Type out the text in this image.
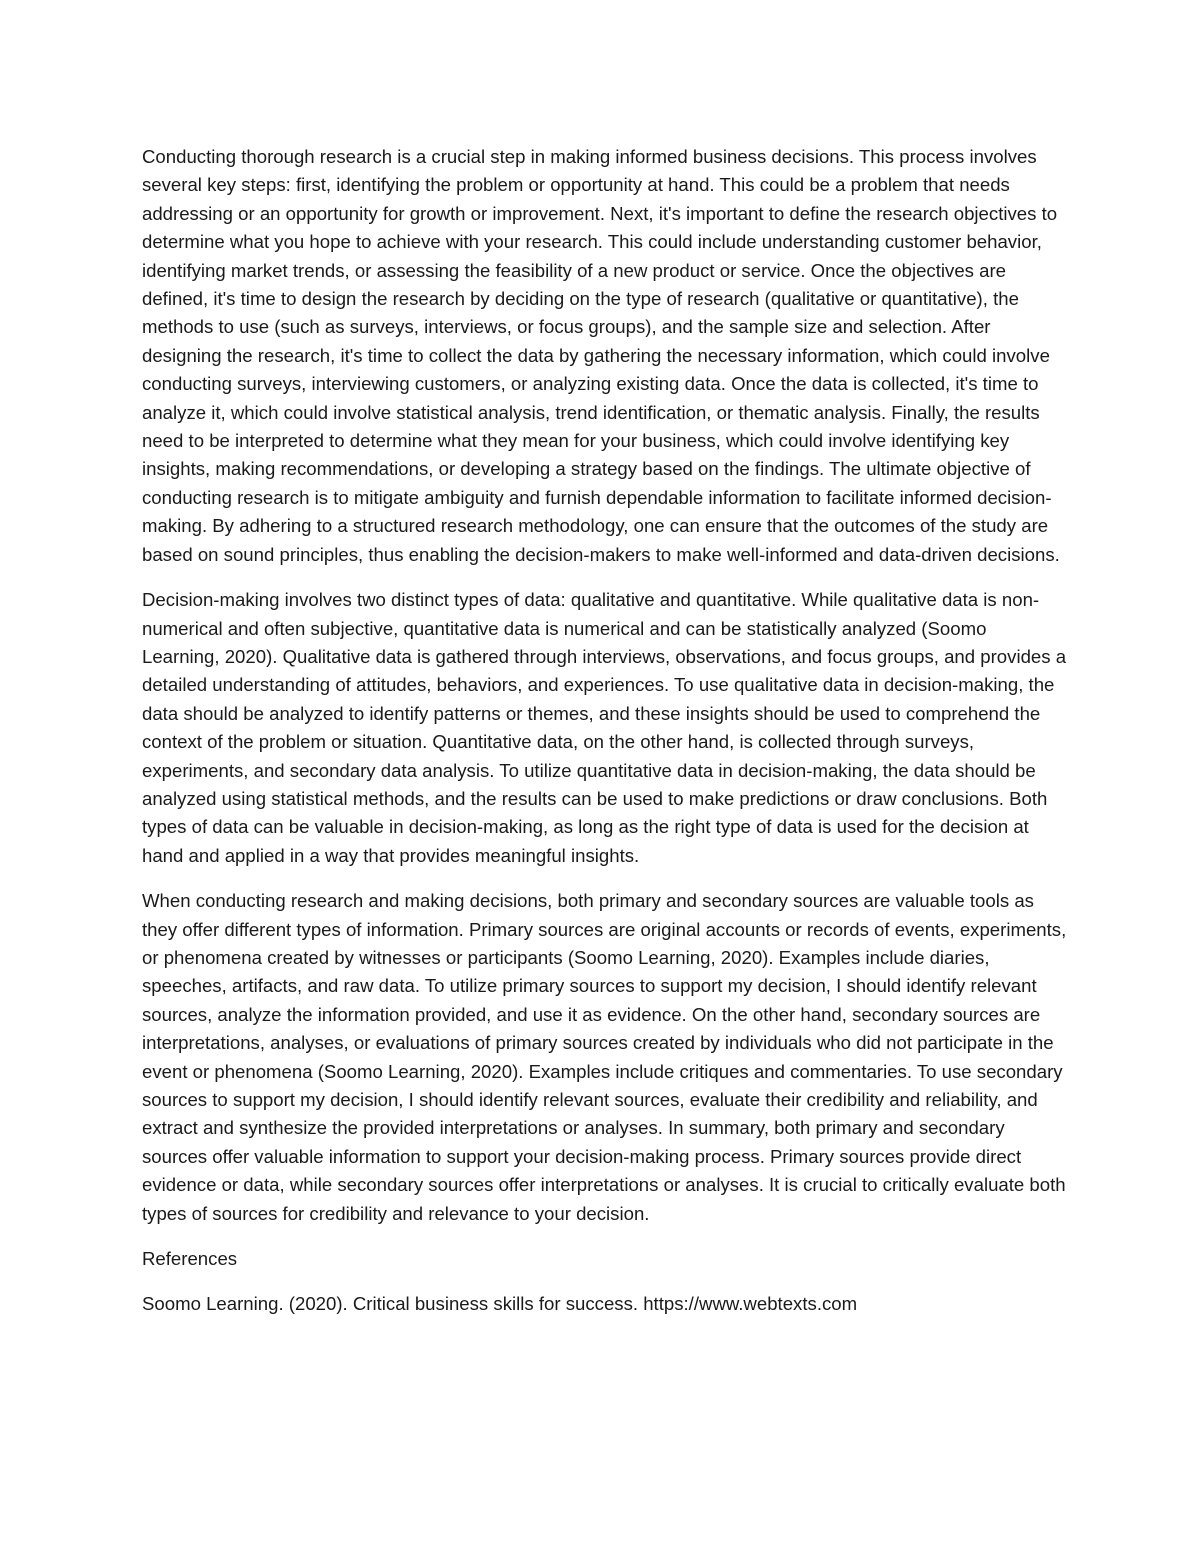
Conducting thorough research is a crucial step in making informed business decisions. This process involves several key steps: first, identifying the problem or opportunity at hand. This could be a problem that needs addressing or an opportunity for growth or improvement. Next, it's important to define the research objectives to determine what you hope to achieve with your research. This could include understanding customer behavior, identifying market trends, or assessing the feasibility of a new product or service. Once the objectives are defined, it's time to design the research by deciding on the type of research (qualitative or quantitative), the methods to use (such as surveys, interviews, or focus groups), and the sample size and selection. After designing the research, it's time to collect the data by gathering the necessary information, which could involve conducting surveys, interviewing customers, or analyzing existing data. Once the data is collected, it's time to analyze it, which could involve statistical analysis, trend identification, or thematic analysis. Finally, the results need to be interpreted to determine what they mean for your business, which could involve identifying key insights, making recommendations, or developing a strategy based on the findings. The ultimate objective of conducting research is to mitigate ambiguity and furnish dependable information to facilitate informed decision-making. By adhering to a structured research methodology, one can ensure that the outcomes of the study are based on sound principles, thus enabling the decision-makers to make well-informed and data-driven decisions.

Decision-making involves two distinct types of data: qualitative and quantitative. While qualitative data is non-numerical and often subjective, quantitative data is numerical and can be statistically analyzed (Soomo Learning, 2020). Qualitative data is gathered through interviews, observations, and focus groups, and provides a detailed understanding of attitudes, behaviors, and experiences. To use qualitative data in decision-making, the data should be analyzed to identify patterns or themes, and these insights should be used to comprehend the context of the problem or situation. Quantitative data, on the other hand, is collected through surveys, experiments, and secondary data analysis. To utilize quantitative data in decision-making, the data should be analyzed using statistical methods, and the results can be used to make predictions or draw conclusions. Both types of data can be valuable in decision-making, as long as the right type of data is used for the decision at hand and applied in a way that provides meaningful insights.

When conducting research and making decisions, both primary and secondary sources are valuable tools as they offer different types of information. Primary sources are original accounts or records of events, experiments, or phenomena created by witnesses or participants (Soomo Learning, 2020). Examples include diaries, speeches, artifacts, and raw data. To utilize primary sources to support my decision, I should identify relevant sources, analyze the information provided, and use it as evidence. On the other hand, secondary sources are interpretations, analyses, or evaluations of primary sources created by individuals who did not participate in the event or phenomena (Soomo Learning, 2020). Examples include critiques and commentaries. To use secondary sources to support my decision, I should identify relevant sources, evaluate their credibility and reliability, and extract and synthesize the provided interpretations or analyses. In summary, both primary and secondary sources offer valuable information to support your decision-making process. Primary sources provide direct evidence or data, while secondary sources offer interpretations or analyses. It is crucial to critically evaluate both types of sources for credibility and relevance to your decision.

References

Soomo Learning. (2020). Critical business skills for success. https://www.webtexts.com
